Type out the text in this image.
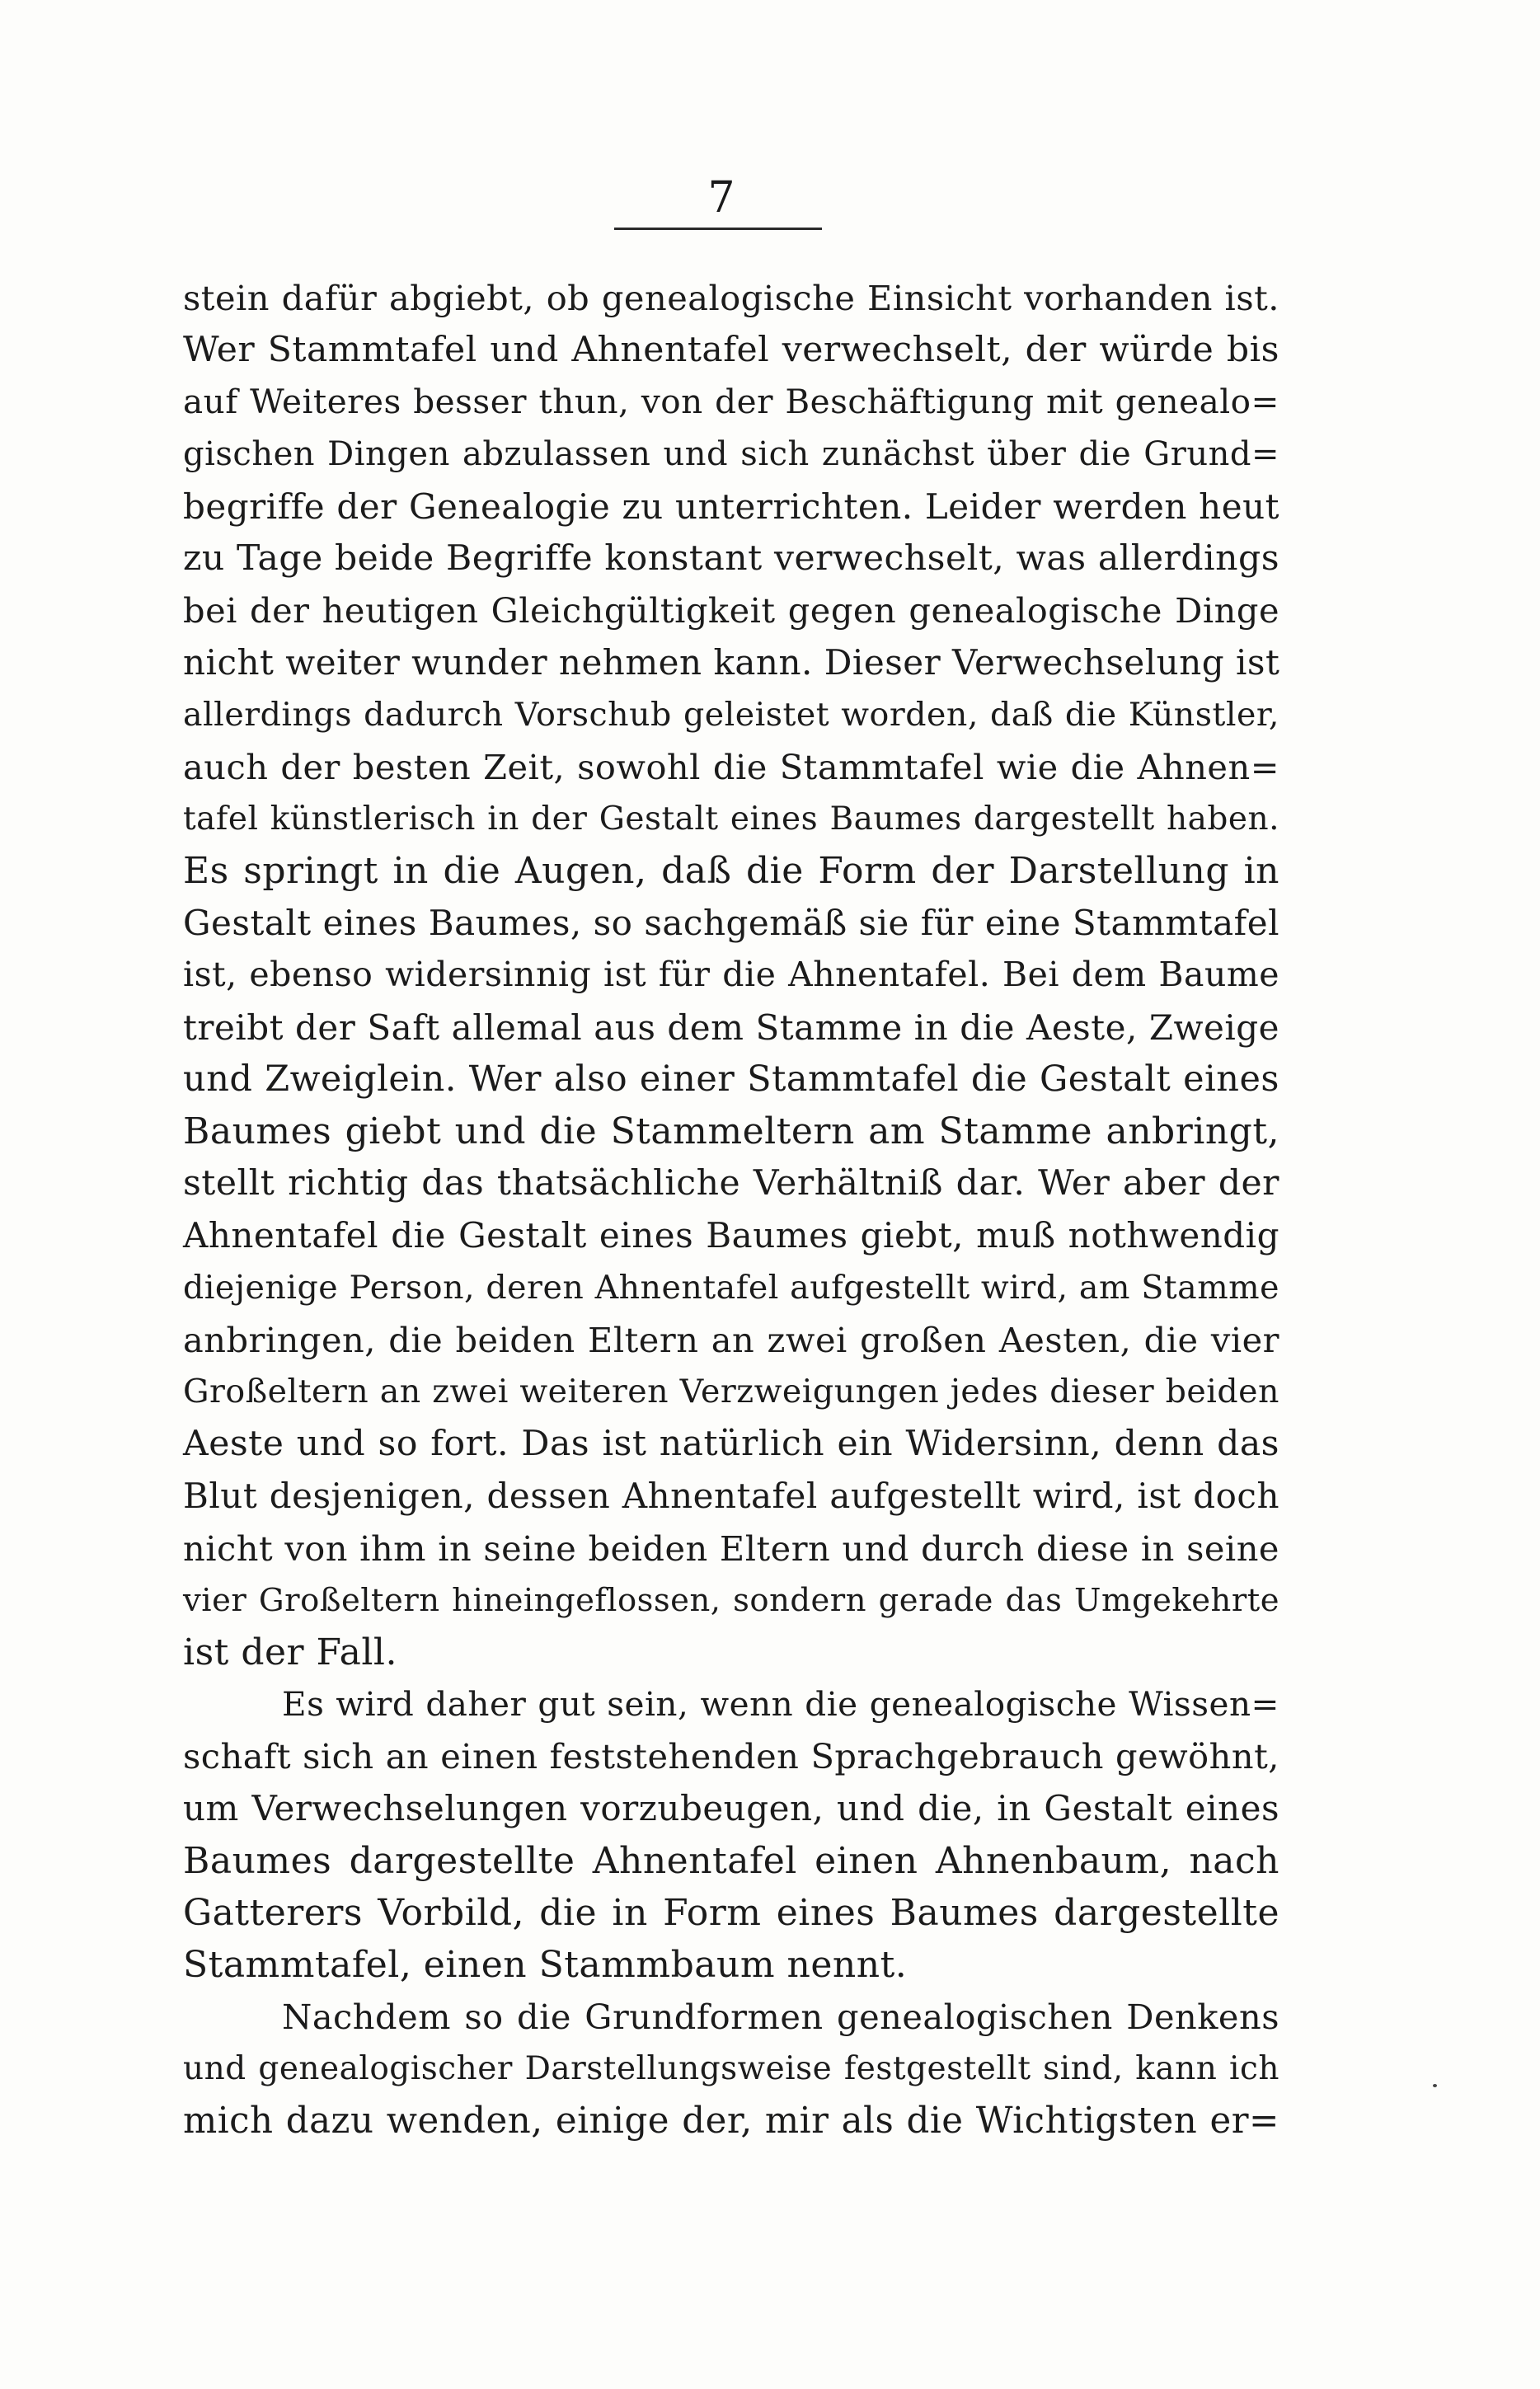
7
stein dafür abgiebt, ob genealogische Einsicht vorhanden ist.
Wer Stammtafel und Ahnentafel verwechselt, der würde bis
auf Weiteres besser thun, von der Beschäftigung mit genealo=
gischen Dingen abzulassen und sich zunächst über die Grund=
begriffe der Genealogie zu unterrichten. Leider werden heut
zu Tage beide Begriffe konstant verwechselt, was allerdings
bei der heutigen Gleichgültigkeit gegen genealogische Dinge
nicht weiter wunder nehmen kann. Dieser Verwechselung ist
allerdings dadurch Vorschub geleistet worden, daß die Künstler,
auch der besten Zeit, sowohl die Stammtafel wie die Ahnen=
tafel künstlerisch in der Gestalt eines Baumes dargestellt haben.
Es springt in die Augen, daß die Form der Darstellung in
Gestalt eines Baumes, so sachgemäß sie für eine Stammtafel
ist, ebenso widersinnig ist für die Ahnentafel. Bei dem Baume
treibt der Saft allemal aus dem Stamme in die Aeste, Zweige
und Zweiglein. Wer also einer Stammtafel die Gestalt eines
Baumes giebt und die Stammeltern am Stamme anbringt,
stellt richtig das thatsächliche Verhältniß dar. Wer aber der
Ahnentafel die Gestalt eines Baumes giebt, muß nothwendig
diejenige Person, deren Ahnentafel aufgestellt wird, am Stamme
anbringen, die beiden Eltern an zwei großen Aesten, die vier
Großeltern an zwei weiteren Verzweigungen jedes dieser beiden
Aeste und so fort. Das ist natürlich ein Widersinn, denn das
Blut desjenigen, dessen Ahnentafel aufgestellt wird, ist doch
nicht von ihm in seine beiden Eltern und durch diese in seine
vier Großeltern hineingeflossen, sondern gerade das Umgekehrte
ist der Fall.
Es wird daher gut sein, wenn die genealogische Wissen=
schaft sich an einen feststehenden Sprachgebrauch gewöhnt,
um Verwechselungen vorzubeugen, und die, in Gestalt eines
Baumes dargestellte Ahnentafel einen Ahnenbaum, nach
Gatterers Vorbild, die in Form eines Baumes dargestellte
Stammtafel, einen Stammbaum nennt.
Nachdem so die Grundformen genealogischen Denkens
und genealogischer Darstellungsweise festgestellt sind, kann ich
mich dazu wenden, einige der, mir als die Wichtigsten er=
